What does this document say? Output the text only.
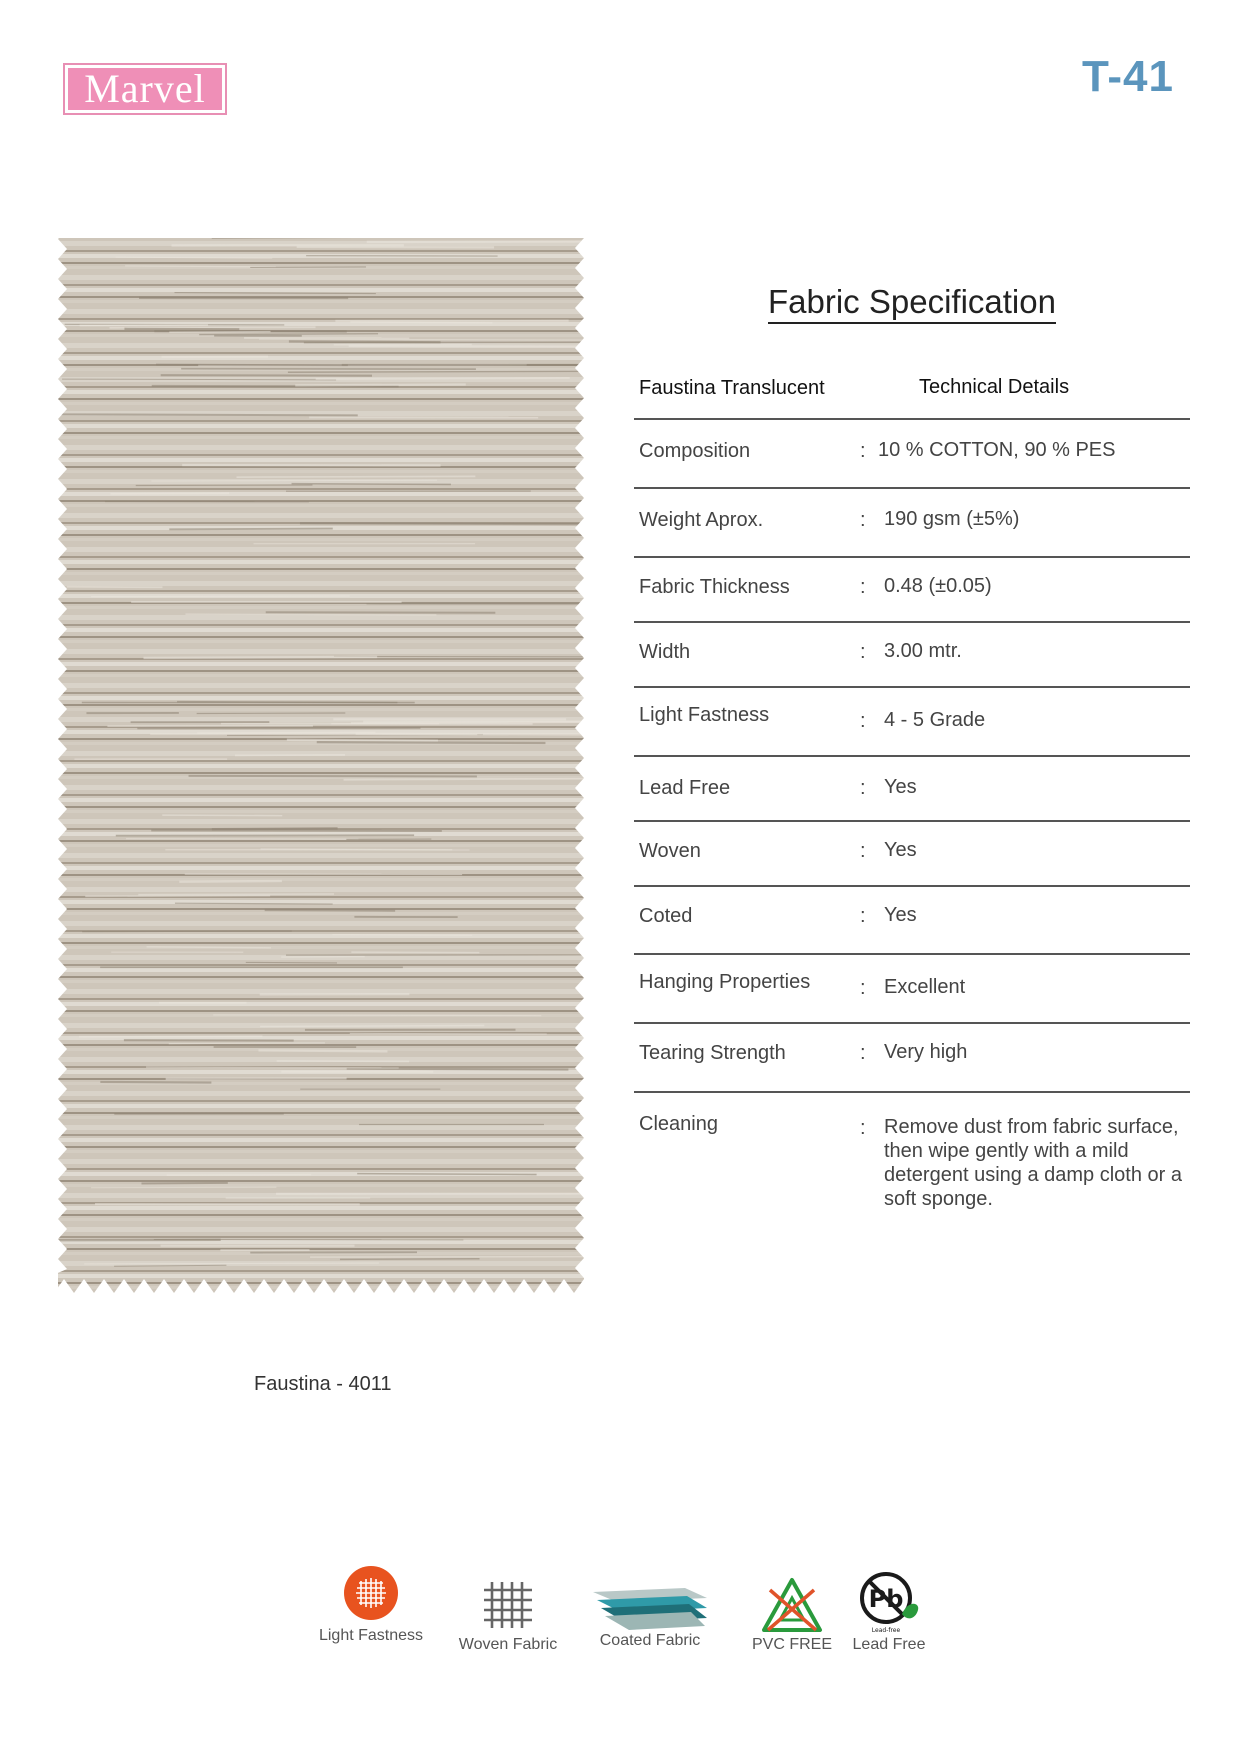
Marvel	T-41
Fabric Specification
Faustina Translucent	Technical Details
Composition	: 10 % COTTON, 90 % PES
Weight Aprox.	: 190 gsm (±5%)
Fabric Thickness	: 0.48 (±0.05)
Width	: 3.00 mtr.
Light Fastness	: 4 - 5 Grade
Lead Free	: Yes
Woven	: Yes
Coted	: Yes
Hanging Properties : Excellent
Tearing Strength	: Very high
Cleaning	: Remove dust from fabric surface, then wipe gently with a mild detergent using a damp cloth or a soft sponge.
Faustina - 4011
Light Fastness
Woven Fabric	Coated Fabric	PVC FREE
Pb
Lead-free
Lead Free
